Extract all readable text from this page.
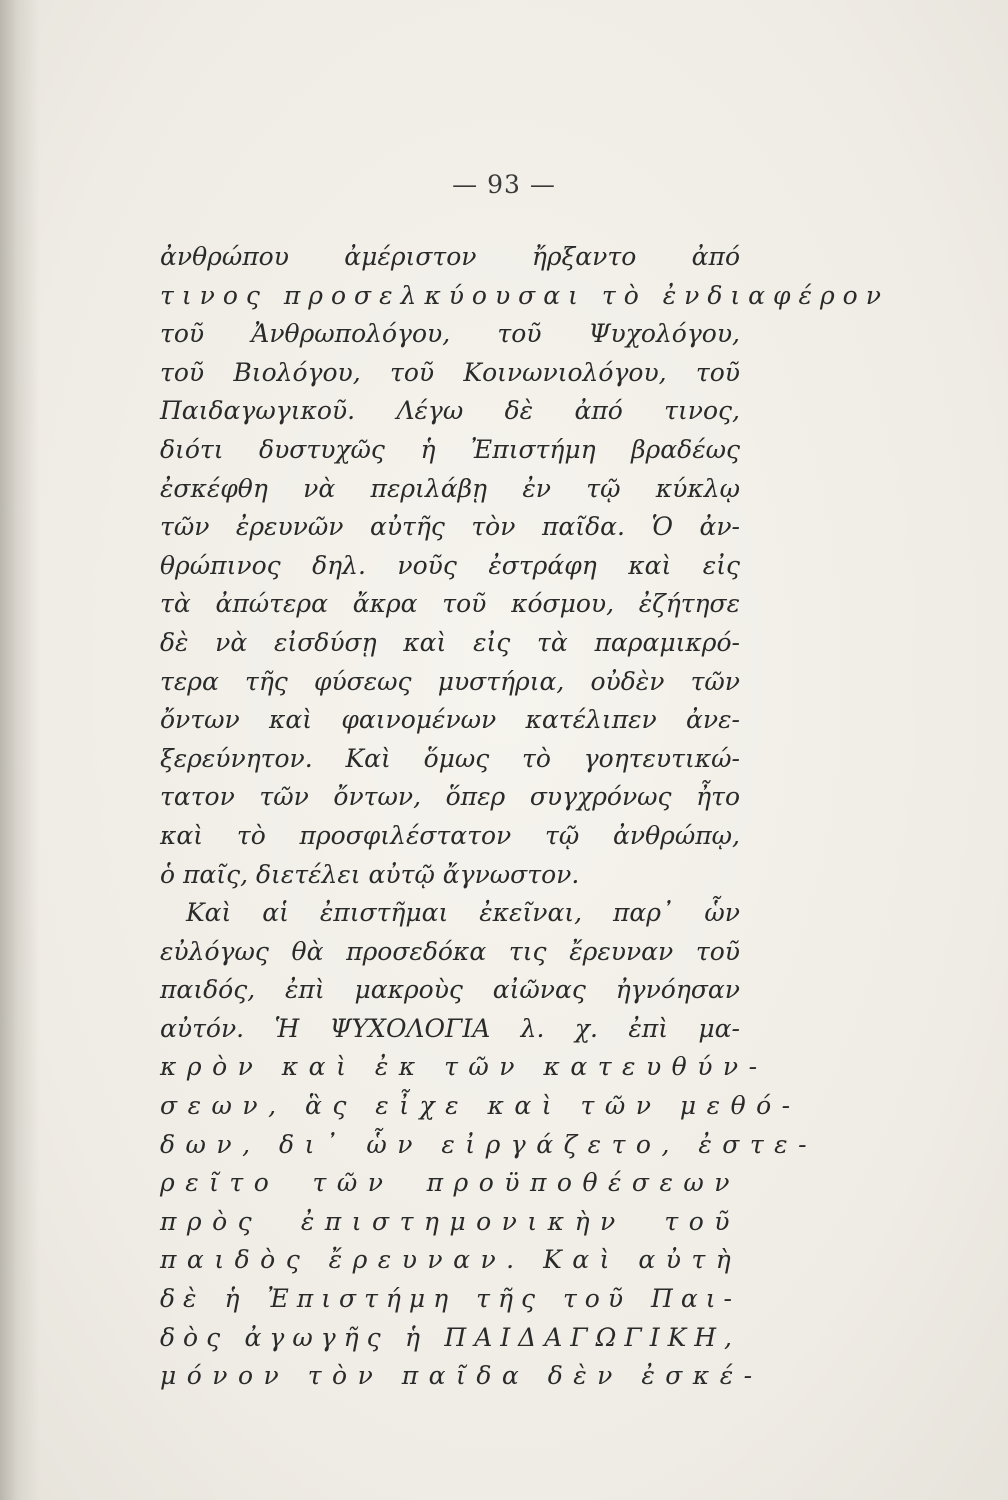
— 93 —
ἀνθρώπου ἀμέριστον ἤρξαντο ἀπό
τινος προσελκύουσαι τὸ ἐνδιαφέρον
τοῦ Ἀνθρωπολόγου, τοῦ Ψυχολόγου,
τοῦ Βιολόγου, τοῦ Κοινωνιολόγου, τοῦ
Παιδαγωγικοῦ. Λέγω δὲ ἀπό τινος,
διότι δυστυχῶς ἡ Ἐπιστήμη βραδέως
ἐσκέφθη νὰ περιλάβῃ ἐν τῷ κύκλῳ
τῶν ἐρευνῶν αὐτῆς τὸν παῖδα. Ὁ ἀν-
θρώπινος δηλ. νοῦς ἐστράφη καὶ εἰς
τὰ ἀπώτερα ἄκρα τοῦ κόσμου, ἐζήτησε
δὲ νὰ εἰσδύσῃ καὶ εἰς τὰ παραμικρό-
τερα τῆς φύσεως μυστήρια, οὐδὲν τῶν
ὄντων καὶ φαινομένων κατέλιπεν ἀνε-
ξερεύνητον. Καὶ ὅμως τὸ γοητευτικώ-
τατον τῶν ὄντων, ὅπερ συγχρόνως ἦτο
καὶ τὸ προσφιλέστατον τῷ ἀνθρώπῳ,
ὁ παῖς, διετέλει αὐτῷ ἄγνωστον.
Καὶ αἱ ἐπιστῆμαι ἐκεῖναι, παρ᾽ ὧν
εὐλόγως θὰ προσεδόκα τις ἔρευναν τοῦ
παιδός, ἐπὶ μακροὺς αἰῶνας ἠγνόησαν
αὐτόν. Ἡ ΨΥΧΟΛΟΓΙΑ λ. χ. ἐπὶ μα-
κρὸν καὶ ἐκ τῶν κατευθύν-
σεων, ἃς εἶχε καὶ τῶν μεθό-
δων, δι᾽ ὧν εἰργάζετο, ἐστε-
ρεῖτο τῶν προϋποθέσεων
πρὸς ἐπιστημονικὴν τοῦ
παιδὸς ἔρευναν. Καὶ αὐτὴ
δὲ ἡ Ἐπιστήμη τῆς τοῦ Παι-
δὸς ἀγωγῆς ἡ ΠΑΙΔΑΓΩΓΙΚΗ,
μόνον τὸν παῖδα δὲν ἐσκέ-
